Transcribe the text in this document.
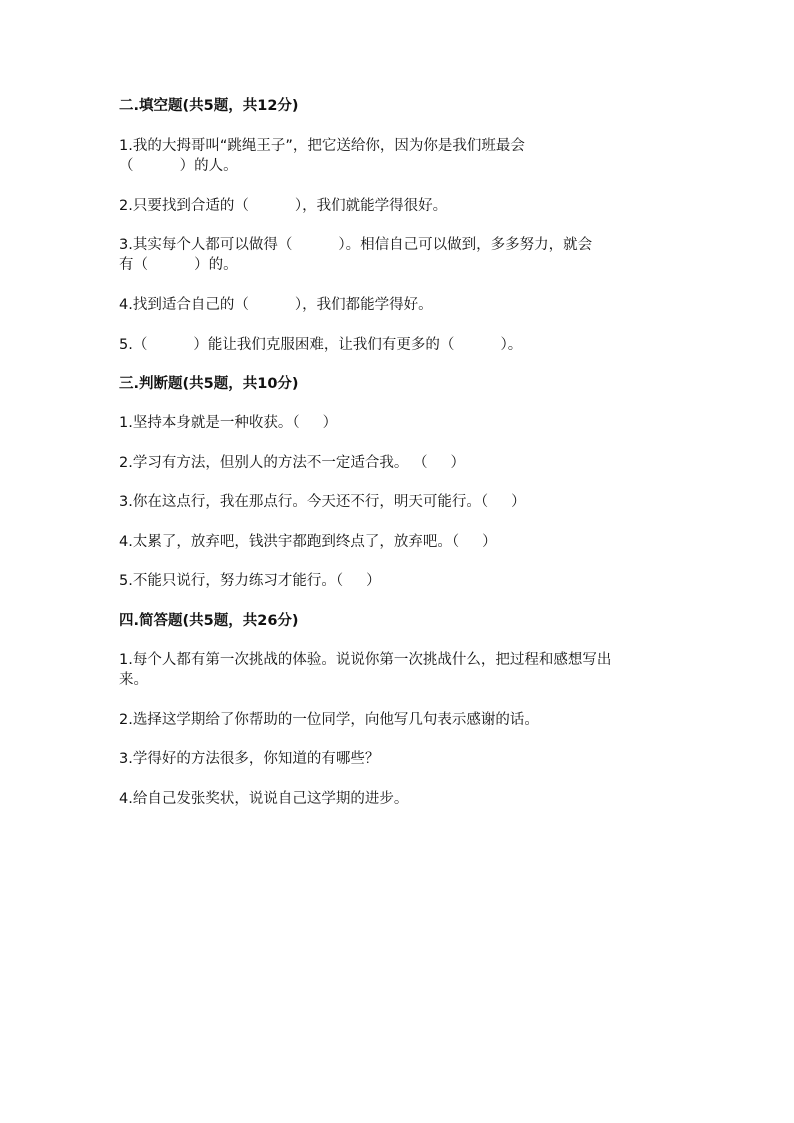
二.填空题(共5题，共12分)
1.我的大拇哥叫“跳绳王子”，把它送给你，因为你是我们班最会
（          ）的人。
2.只要找到合适的（          ），我们就能学得很好。
3.其实每个人都可以做得（          ）。相信自己可以做到，多多努力，就会
有（          ）的。
4.找到适合自己的（          ），我们都能学得好。
5.（          ）能让我们克服困难，让我们有更多的（          ）。
三.判断题(共5题，共10分)
1.坚持本身就是一种收获。（     ）
2.学习有方法，但别人的方法不一定适合我。 （     ）
3.你在这点行，我在那点行。今天还不行，明天可能行。（     ）
4.太累了，放弃吧，钱洪宇都跑到终点了，放弃吧。（     ）
5.不能只说行，努力练习才能行。（     ）
四.简答题(共5题，共26分)
1.每个人都有第一次挑战的体验。说说你第一次挑战什么，把过程和感想写出
来。
2.选择这学期给了你帮助的一位同学，向他写几句表示感谢的话。
3.学得好的方法很多，你知道的有哪些？
4.给自己发张奖状，说说自己这学期的进步。
